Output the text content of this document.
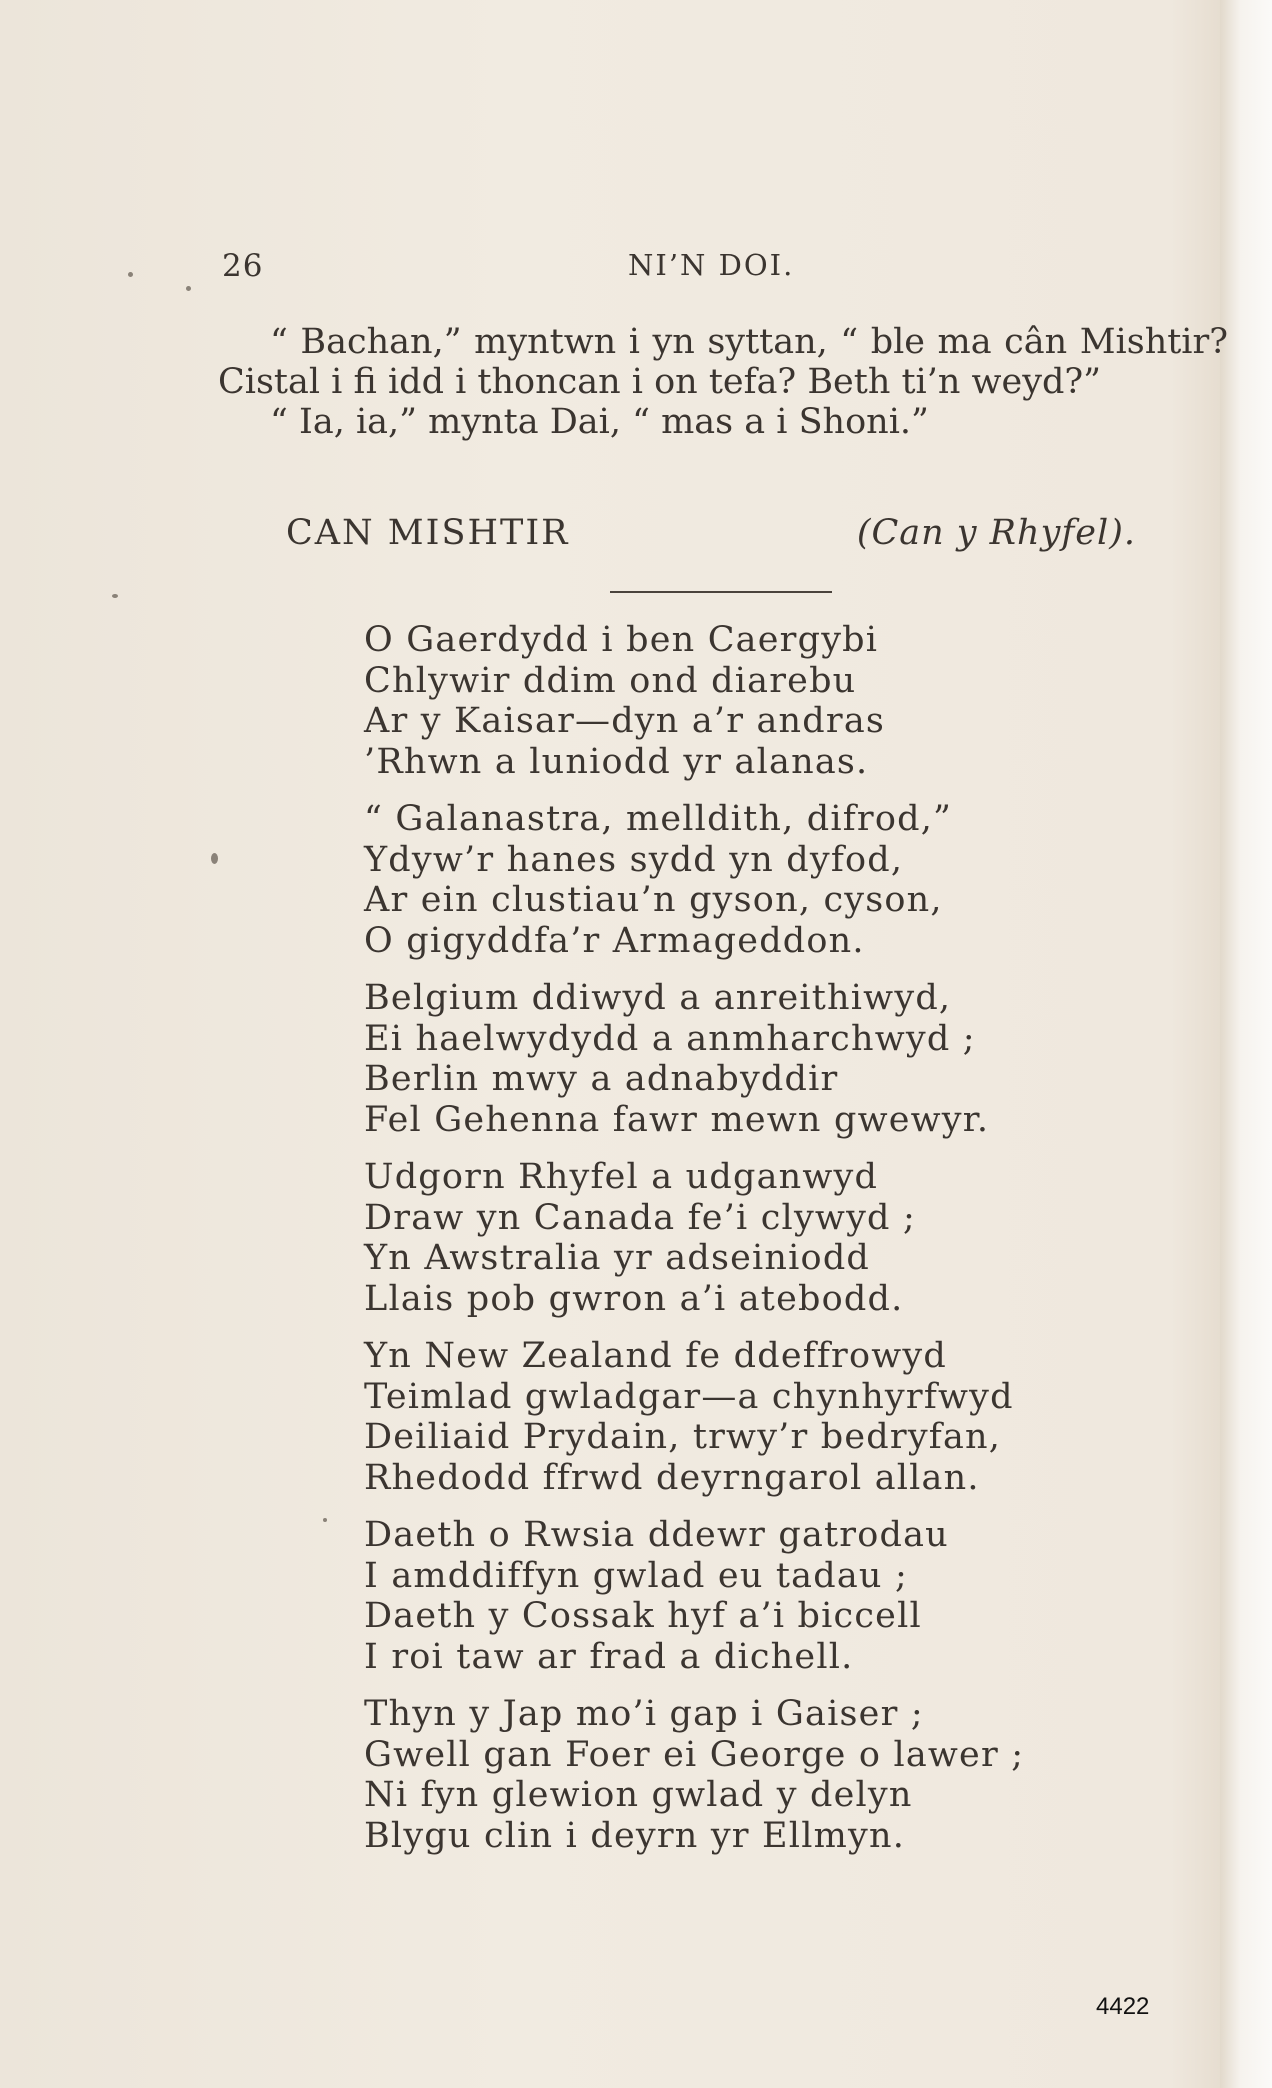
26	NI’N DOI.

“ Bachan,” myntwn i yn syttan, “ ble ma cân Mishtir? Cistal i fi idd i thoncan i on tefa? Beth ti’n weyd?”

“ Ia, ia,” mynta Dai, “ mas a i Shoni.”

CAN MISHTIR	(Can y Rhyfel).
O Gaerdydd i ben Caergybi
Chlywir ddim ond diarebu
Ar y Kaisar—dyn a’r andras
’Rhwn a luniodd yr alanas.
“ Galanastra, melldith, difrod,”
Ydyw’r hanes sydd yn dyfod,
Ar ein clustiau’n gyson, cyson,
O gigyddfa’r Armageddon.
Belgium ddiwyd a anreithiwyd,
Ei haelwydydd a anmharchwyd ;
Berlin mwy a adnabyddir
Fel Gehenna fawr mewn gwewyr.
Udgorn Rhyfel a udganwyd
Draw yn Canada fe’i clywyd ;
Yn Awstralia yr adseiniodd
Llais pob gwron a’i atebodd.
Yn New Zealand fe ddeffrowyd
Teimlad gwladgar—a chynhyrfwyd
Deiliaid Prydain, trwy’r bedryfan,
Rhedodd ffrwd deyrngarol allan.
Daeth o Rwsia ddewr gatrodau
I amddiffyn gwlad eu tadau ;
Daeth y Cossak hyf a’i biccell
I roi taw ar frad a dichell.
Thyn y Jap mo’i gap i Gaiser ;
Gwell gan Foer ei George o lawer ;
Ni fyn glewion gwlad y delyn
Blygu clin i deyrn yr Ellmyn.
4422
